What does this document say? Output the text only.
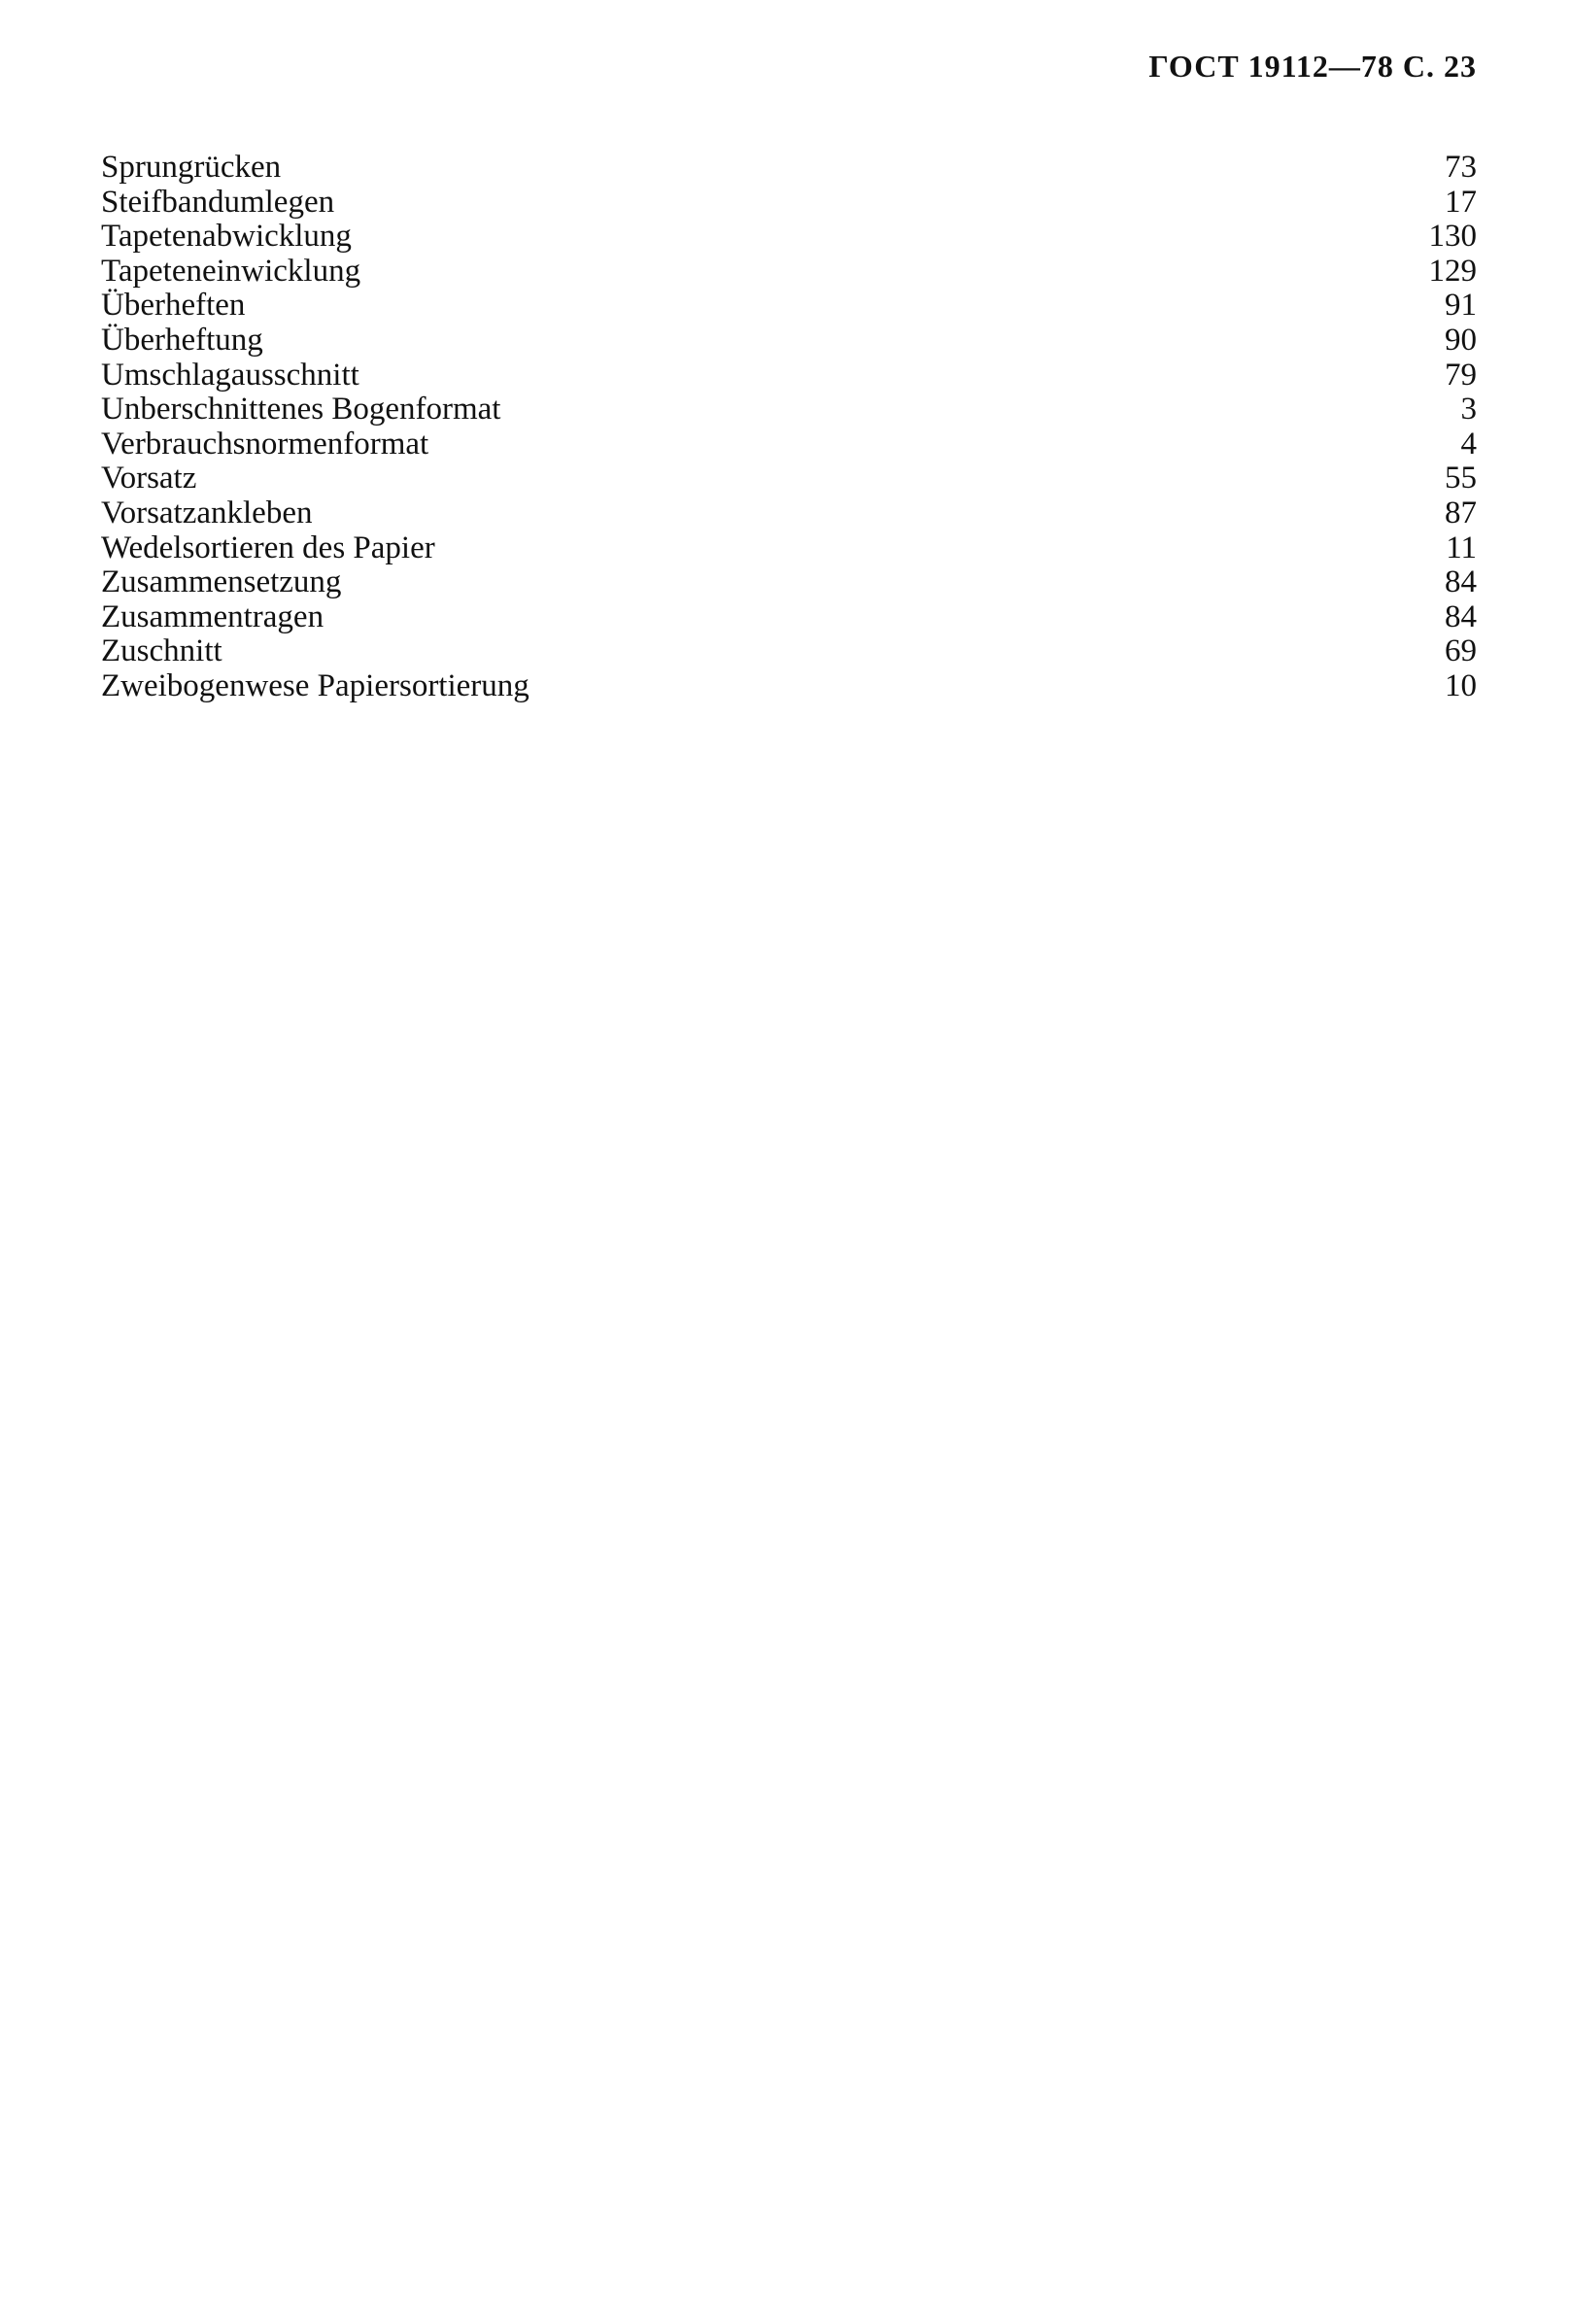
ГОСТ 19112—78 С. 23
Sprungrücken	73
Steifbandumlegen	17
Tapetenabwicklung	130
Tapeteneinwicklung	129
Überheften	91
Überheftung	90
Umschlagausschnitt	79
Unberschnittenes Bogenformat	3
Verbrauchsnormenformat	4
Vorsatz	55
Vorsatzankleben	87
Wedelsortieren des Papier	11
Zusammensetzung	84
Zusammentragen	84
Zuschnitt	69
Zweibogenwese Papiersortierung	10
